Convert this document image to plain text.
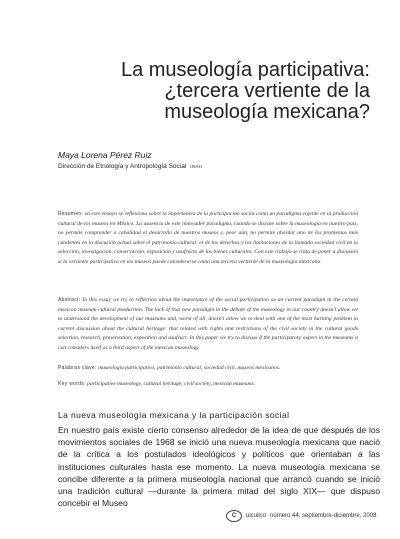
La museología participativa:
¿tercera vertiente de la
museología mexicana?

Maya Lorena Pérez Ruiz

Dirección de Etnología y Antropología Social INAH

Resumen: en este ensayo se reflexiona sobre la importancia de la participación social como un paradigma vigente en la producción cultural de los museos en México. La ausencia de este innovador paradigma, cuando se discute sobre la museología en nuestro país, no permite comprender a cabalidad el desarrollo de nuestros museos y, peor aún, no permite abordar uno de los problemas más candentes en la discusión actual sobre el patrimonio cultural: el de los derechos y los limitaciones de la llamada sociedad civil en la selección, investigación, conservación, exposición y usufructo de los bienes culturales. Con este trabajo se trata de poner a discusión si la vertiente participativa en los museos puede considerarse como una tercera vertiente de la museología mexicana.

Abstract: In this essay we try to reflection about the importance of the social participation as an current paradigm in the certain mexican museum cultural production. The lack of that new paradigm in the debate of the museology in our country doesn't allow we to understand the development of our museums and, worst of all, doesn't allow we to deal with one of the most burning problem in current discussion about the cultural heritage: that related with rights and restrictions of the civil society in the cultural goods selection, research, preservation, exposition and usufruct. In this paper we try to discuss if the participatory aspect in the museums it can considers itself as a third aspect of the mexican museology.

Palabras clave: museología participativa, patrimonio cultural, sociedad civil, museos mexicanos.

Key words: participative museology, cultural heritage, civil society, mexican museums.

La nueva museología mexicana y la participación social

En nuestro país existe cierto consenso alrededor de la idea de que después de los movimientos sociales de 1968 se inició una nueva museología mexicana que nació de la crítica a los postulados ideológicos y políticos que orientaban a las instituciones culturales hasta ese momento. La nueva museología mexicana se concibe diferente a la primera museología nacional que arrancó cuando se inició una tradición cultural —durante la primera mitad del siglo XIX— que dispuso concebir el Museo

C	uicuilco número 44, septiembre-diciembre, 2008
